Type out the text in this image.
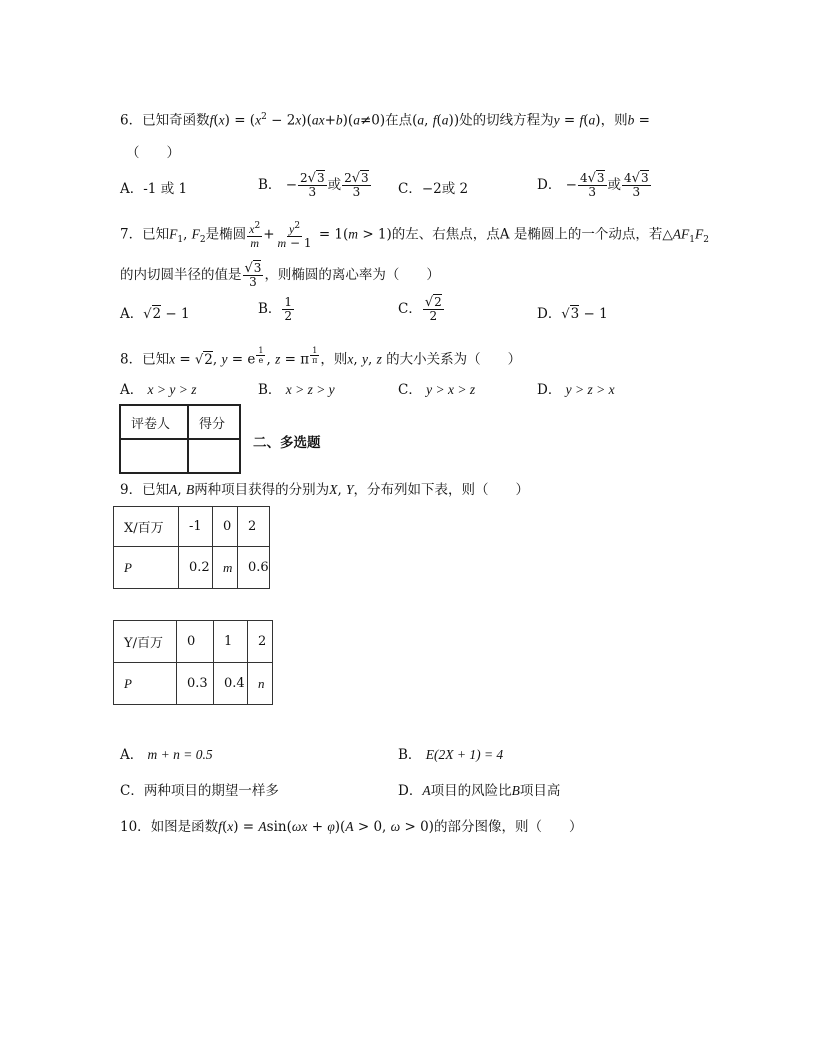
6．已知奇函数$f(x) = (x^2 - 2x)(ax+b)(a\ne 0)$在点(a, f(a))处的切线方程为y = f(a)，则b =
（　　）
A．-1 或 1	B． − $\frac{2√3}{3}$ 或 $\frac{2√3}{3}$ C．−2或 2	D． − $\frac{4√3}{3}$ 或 $\frac{4√3}{3}$
7．已知$F_1$, $F_2$是椭圆 $\frac{x^2}{m} + \frac{y^2}{m - 1} = 1(m > 1)$的左、右焦点，点A 是椭圆上的一个动点，若$\triangle AF_1F_2$
的内切圆半径的值是 $\frac{√3}{3}$ ，则椭圆的离心率为（　　）
A．√2 − 1	B． $\frac{1}{2}$	C． $\frac{√2}{2}$	D．√3 − 1
8．已知x = √2, y = e $^{\frac{1}{e}}$ , z = π $^{\frac{1}{\pi}}$ ，则x, y, z 的大小关系为（　　）
A． x > y > z	B． x > z > y	C． y > x > z	D． y > z > x
评卷人	得分

二、多选题
9．已知A, B两种项目获得的分别为X, Y，分布列如下表，则（　　）
X/百万	-1	0	2
P	0.2	m	0.6
Y/百万	0	1	2
P	0.3	0.4	n
A． m + n = 0.5	B． E(2X + 1) = 4
C．两种项目的期望一样多	D．A项目的风险比B项目高
10．如图是函数f(x) = Asin(ωx + φ)(A > 0, ω > 0)的部分图像，则（　　）
